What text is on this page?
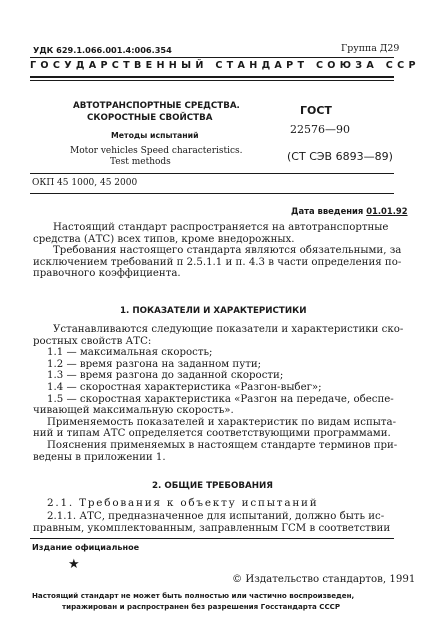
УДК 629.1.066.001.4:006.354	Группа Д29
ГОСУДАРСТВЕННЫЙ СТАНДАРТ СОЮЗА ССР
АВТОТРАНСПОРТНЫЕ СРЕДСТВА.
СКОРОСТНЫЕ СВОЙСТВА
Методы испытаний
Motor vehicles Speed characteristics.
Test methods
ГОСТ
22576—90
(СТ СЭВ 6893—89)
ОКП 45 1000, 45 2000
Дата введения 01.01.92
Настоящий стандарт распространяется на автотранспортные
средства (АТС) всех типов, кроме внедорожных.
Требования настоящего стандарта являются обязательными, за
исключением требований п 2.5.1.1 и п. 4.3 в части определения по-
правочного коэффициента.
1. ПОКАЗАТЕЛИ И ХАРАКТЕРИСТИКИ
Устанавливаются следующие показатели и характеристики ско-
ростных свойств АТС:
1.1 — максимальная скорость;
1.2 — время разгона на заданном пути;
1.3 — время разгона до заданной скорости;
1.4 — скоростная характеристика «Разгон-выбег»;
1.5 — скоростная характеристика «Разгон на передаче, обеспе-
чивающей максимальную скорость».
Применяемость показателей и характеристик по видам испыта-
ний и типам АТС определяется соответствующими программами.
Пояснения применяемых в настоящем стандарте терминов при-
ведены в приложении 1.
2. ОБЩИЕ ТРЕБОВАНИЯ
2.1. Требования к объекту испытаний
2.1.1. АТС, предназначенное для испытаний, должно быть ис-
правным, укомплектованным, заправленным ГСМ в соответствии
Издание официальное
★
© Издательство стандартов, 1991
Настоящий стандарт не может быть полностью или частично воспроизведен,
тиражирован и распространен без разрешения Госстандарта СССР
